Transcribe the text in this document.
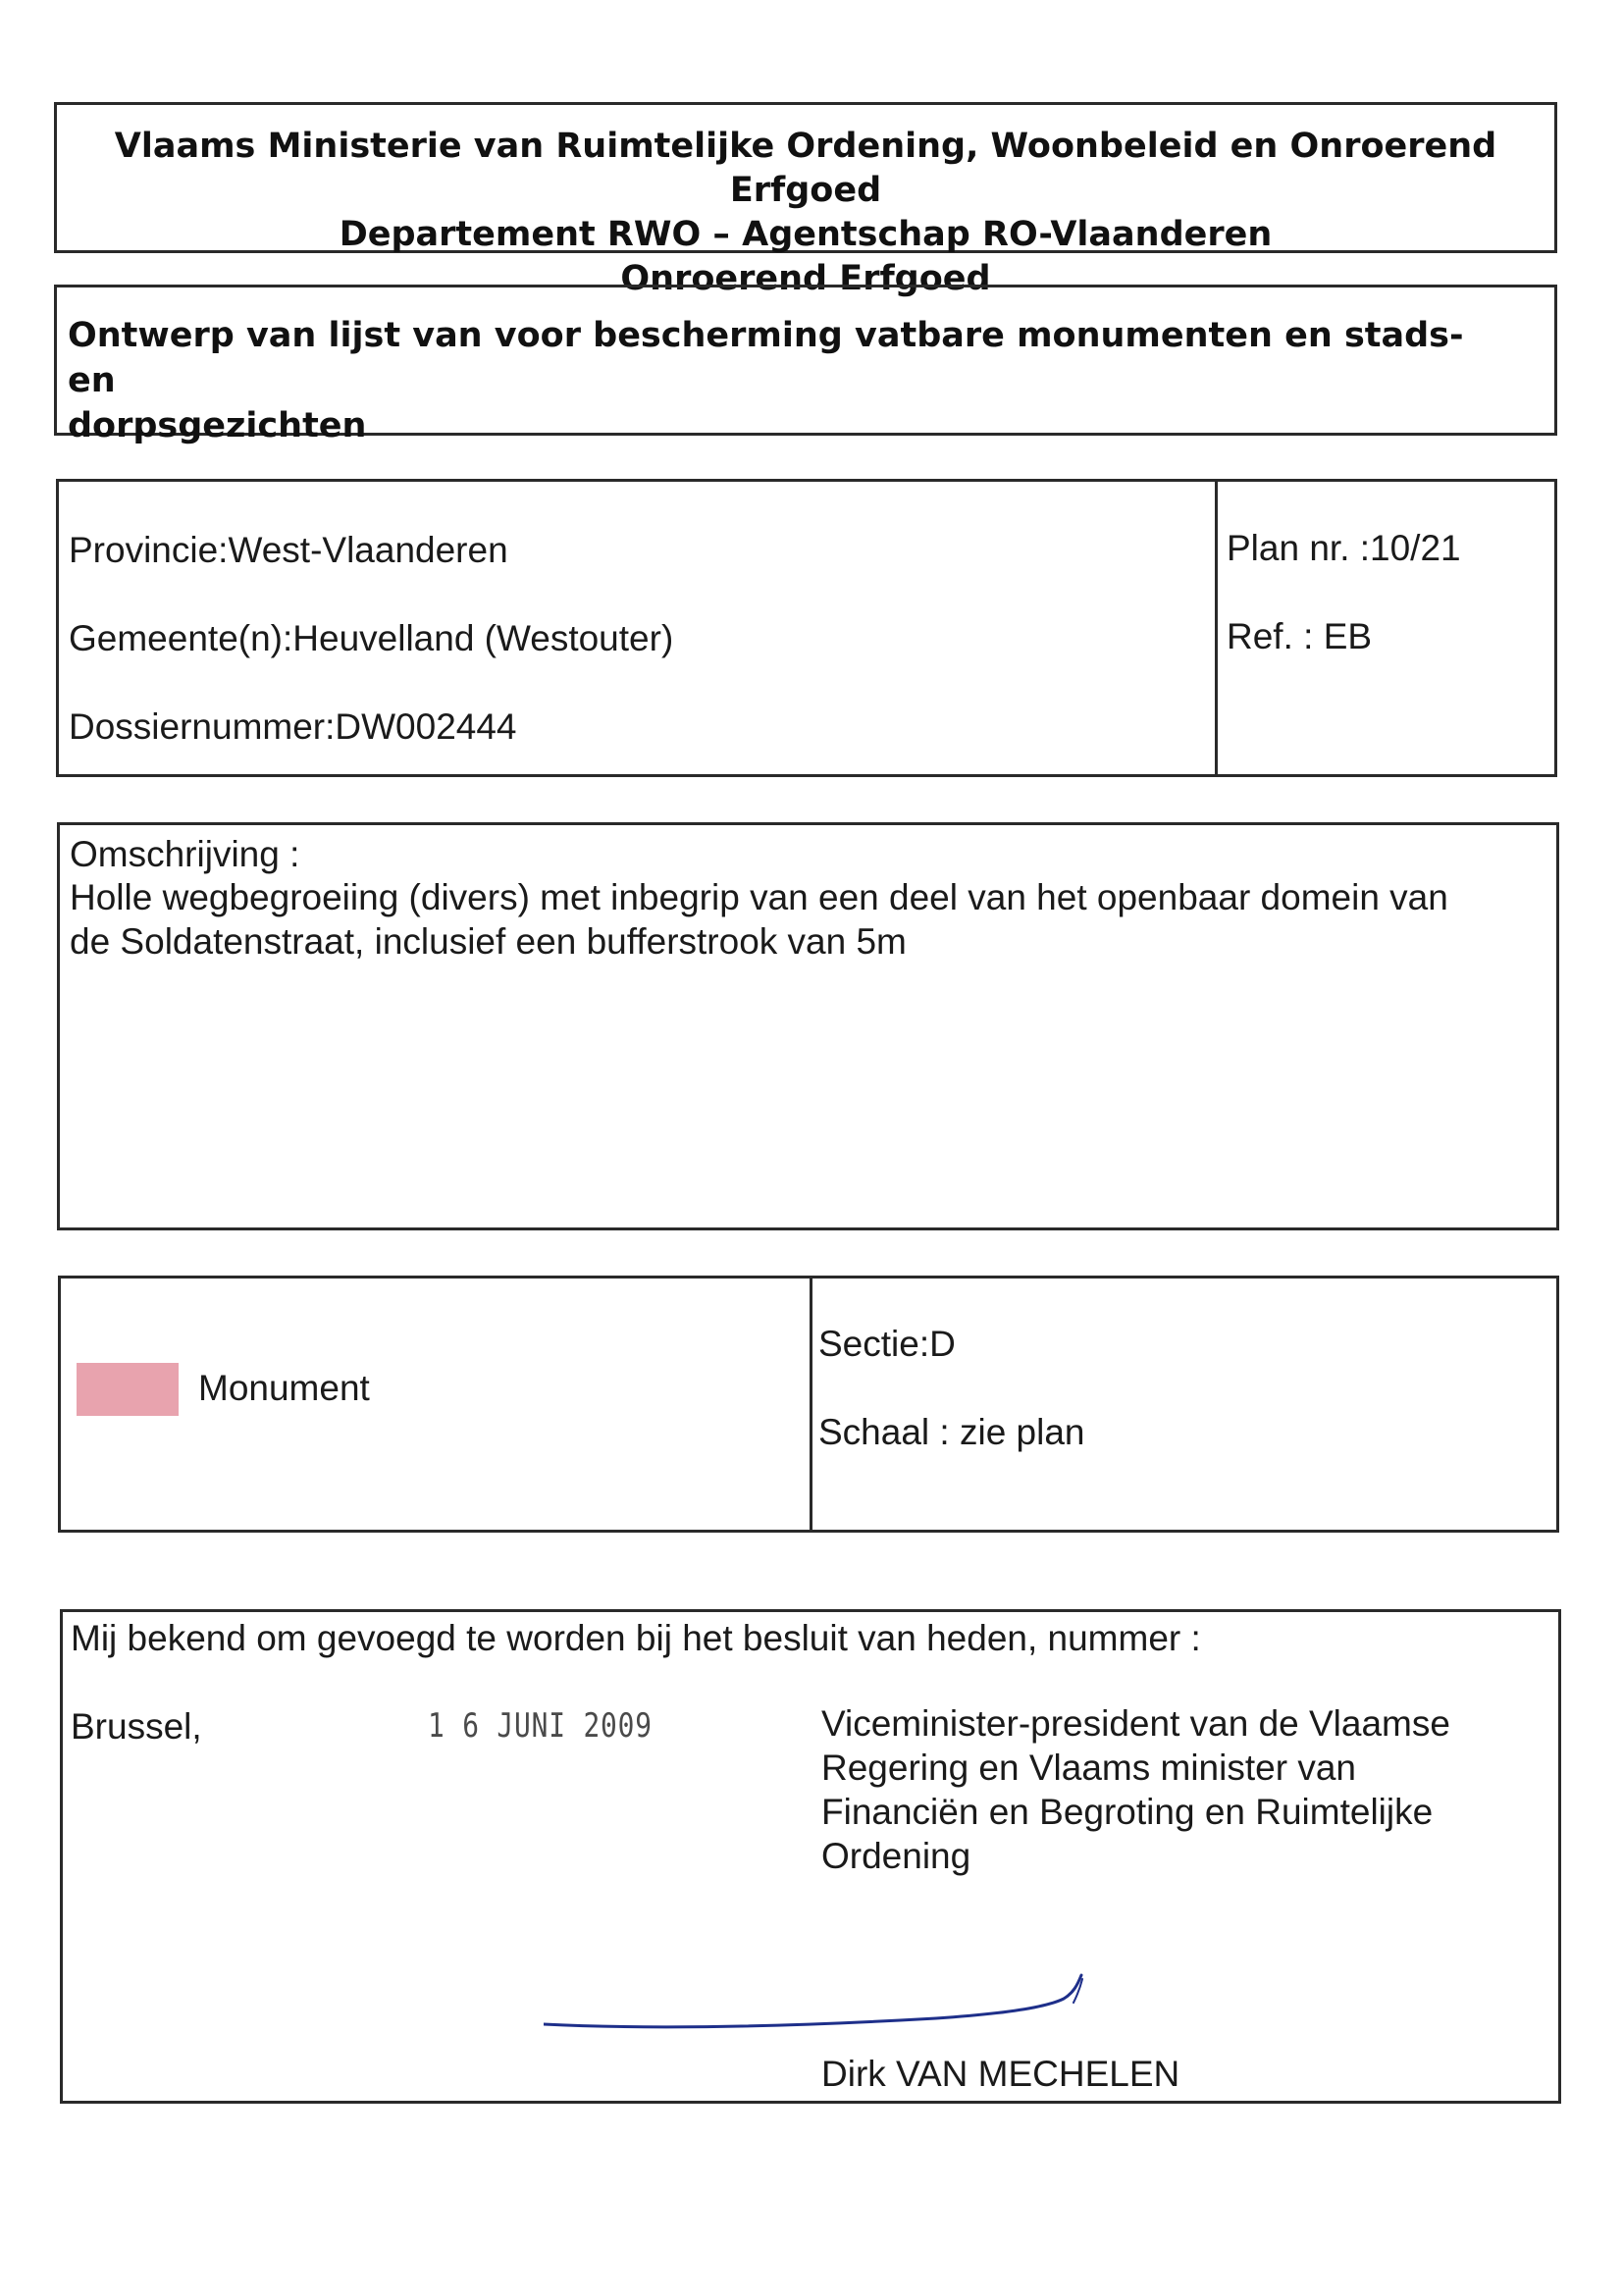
Vlaams Ministerie van Ruimtelijke Ordening, Woonbeleid en Onroerend Erfgoed
Departement RWO – Agentschap RO-Vlaanderen
Onroerend Erfgoed
Ontwerp van lijst van voor bescherming vatbare monumenten en stads- en
dorpsgezichten
Provincie:West-Vlaanderen
Gemeente(n):Heuvelland (Westouter)
Dossiernummer:DW002444
Plan nr. :10/21
Ref. : EB
Omschrijving :
Holle wegbegroeiing (divers) met inbegrip van een deel van het openbaar domein van
de Soldatenstraat, inclusief een bufferstrook van 5m
Monument
Sectie:D
Schaal : zie plan
Mij bekend om gevoegd te worden bij het besluit van heden, nummer :
Brussel,	1 6 JUNI 2009	Viceminister-president van de Vlaamse
Regering en Vlaams minister van
Financiën en Begroting en Ruimtelijke
Ordening
Dirk VAN MECHELEN
